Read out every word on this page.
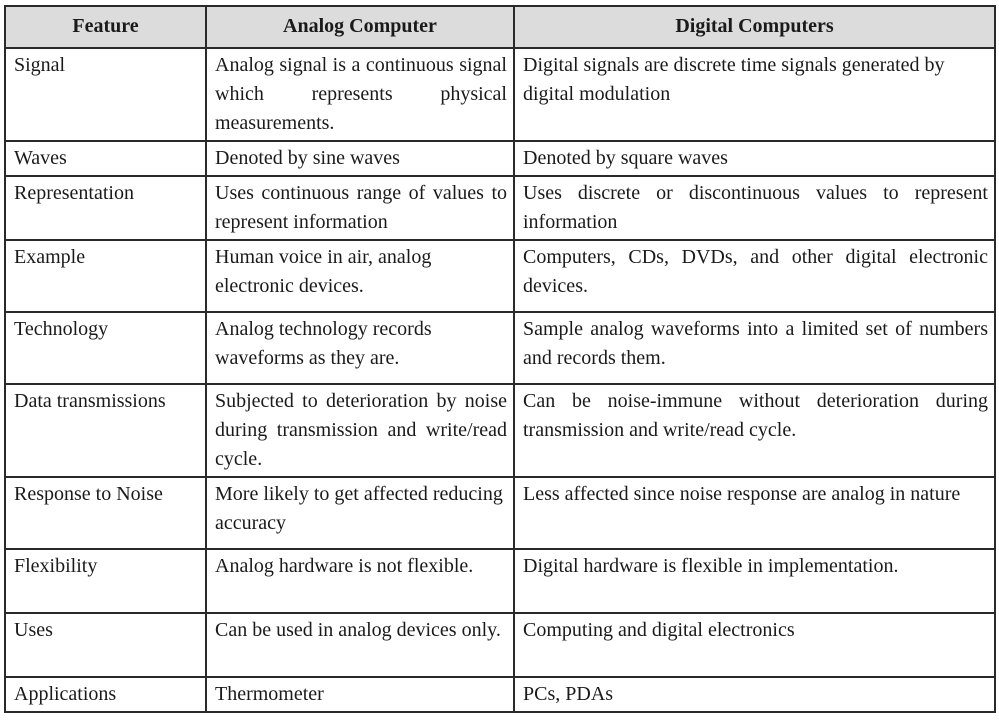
Feature	Analog Computer	Digital Computers
Signal	Analog signal is a continuous signal which represents physical measurements.	Digital signals are discrete time signals generated by digital modulation
Waves	Denoted by sine waves	Denoted by square waves
Representation	Uses continuous range of values to represent information	Uses discrete or discontinuous values to represent information
Example	Human voice in air, analog electronic devices.	Computers, CDs, DVDs, and other digital electronic devices.
Technology	Analog technology records waveforms as they are.	Sample analog waveforms into a limited set of numbers and records them.
Data transmissions	Subjected to deterioration by noise during transmission and write/read cycle.	Can be noise-immune without deterioration during transmission and write/read cycle.
Response to Noise	More likely to get affected reducing accuracy	Less affected since noise response are analog in nature
Flexibility	Analog hardware is not flexible.	Digital hardware is flexible in implementation.
Uses	Can be used in analog devices only.	Computing and digital electronics
Applications	Thermometer	PCs, PDAs
